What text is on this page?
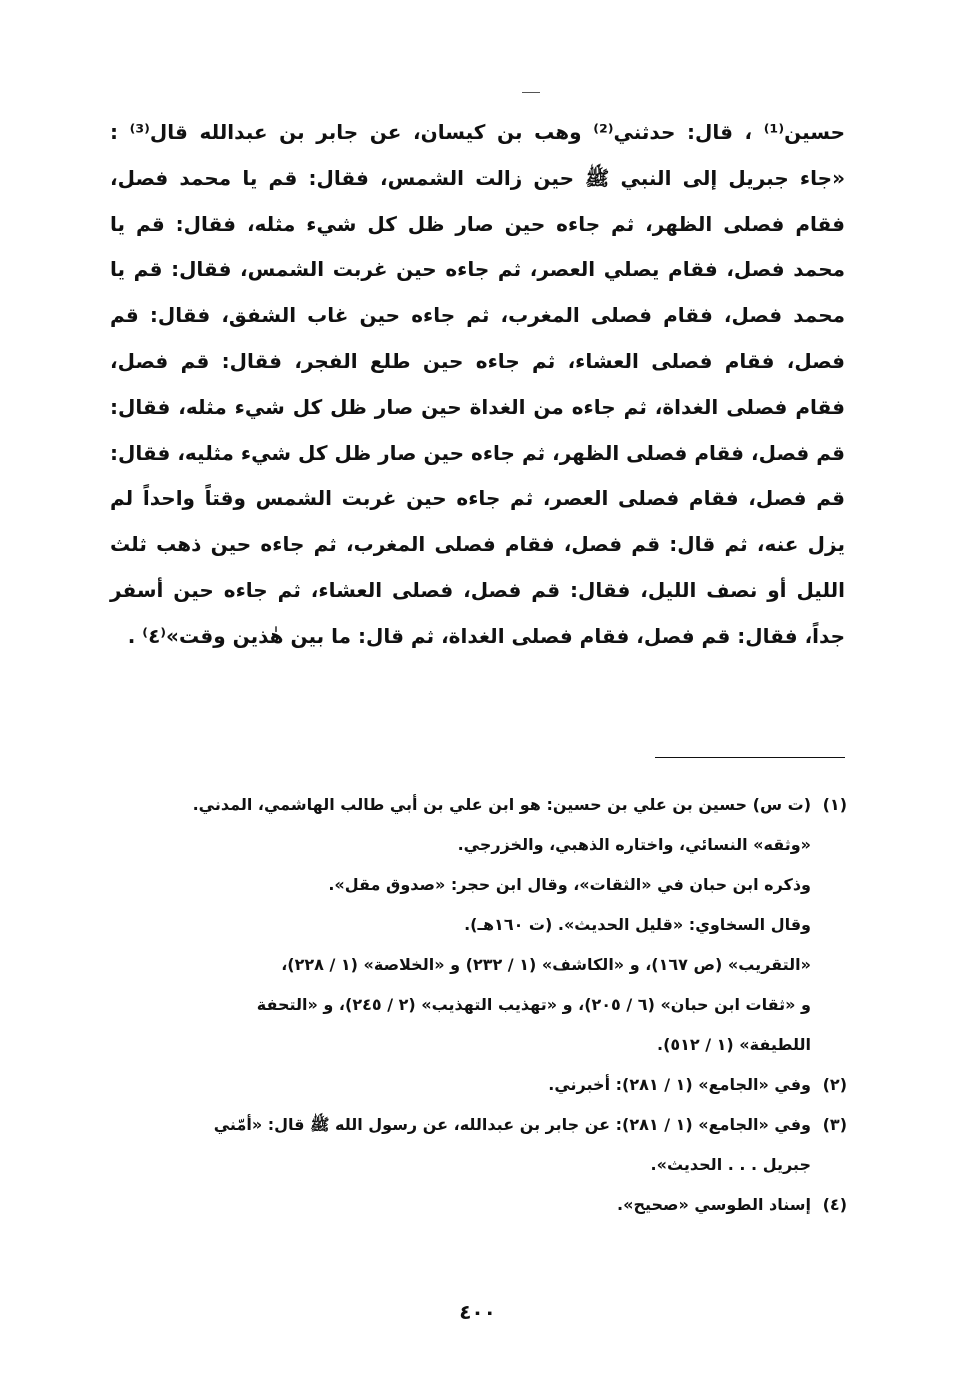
حسين⁽¹⁾ ، قال: حدثني⁽²⁾ وهب بن كيسان، عن جابر بن عبدالله قال⁽³⁾ :
«جاء جبريل إلى النبي ﷺ حين زالت الشمس، فقال: قم يا محمد فصل،
فقام فصلى الظهر، ثم جاءه حين صار ظل كل شيء مثله، فقال: قم يا
محمد فصل، فقام يصلي العصر، ثم جاءه حين غربت الشمس، فقال: قم يا
محمد فصل، فقام فصلى المغرب، ثم جاءه حين غاب الشفق، فقال: قم
فصل، فقام فصلى العشاء، ثم جاءه حين طلع الفجر، فقال: قم فصل،
فقام فصلى الغداة، ثم جاءه من الغداة حين صار ظل كل شيء مثله، فقال:
قم فصل، فقام فصلى الظهر، ثم جاءه حين صار ظل كل شيء مثليه، فقال:
قم فصل، فقام فصلى العصر، ثم جاءه حين غربت الشمس وقتاً واحداً لم
يزل عنه، ثم قال: قم فصل، فقام فصلى المغرب، ثم جاءه حين ذهب ثلث
الليل أو نصف الليل، فقال: قم فصل، فصلى العشاء، ثم جاءه حين أسفر
جداً، فقال: قم فصل، فقام فصلى الغداة، ثم قال: ما بين هٰذين وقت»⁽٤⁾ .
(١)
(ت س) حسين بن علي بن حسين: هو ابن علي بن أبي طالب الهاشمي، المدني.
«وثقه» النسائي، واختاره الذهبي، والخزرجي.
وذكره ابن حبان في «الثقات»، وقال ابن حجر: «صدوق مقل».
وقال السخاوي: «قليل الحديث». (ت ١٦٠هـ).
«التقريب» (ص ١٦٧)، و «الكاشف» (١ / ٢٣٢) و «الخلاصة» (١ / ٢٢٨)،
و «ثقات ابن حبان» (٦ / ٢٠٥)، و «تهذيب التهذيب» (٢ / ٢٤٥)، و «التحفة
اللطيفة» (١ / ٥١٢).
(٢)
وفي «الجامع» (١ / ٢٨١): أخبرني.
(٣)
وفي «الجامع» (١ / ٢٨١): عن جابر بن عبدالله، عن رسول الله ﷺ قال: «أمّني
جبريل . . . الحديث».
(٤)
إسناد الطوسي «صحيح».
٤٠٠
